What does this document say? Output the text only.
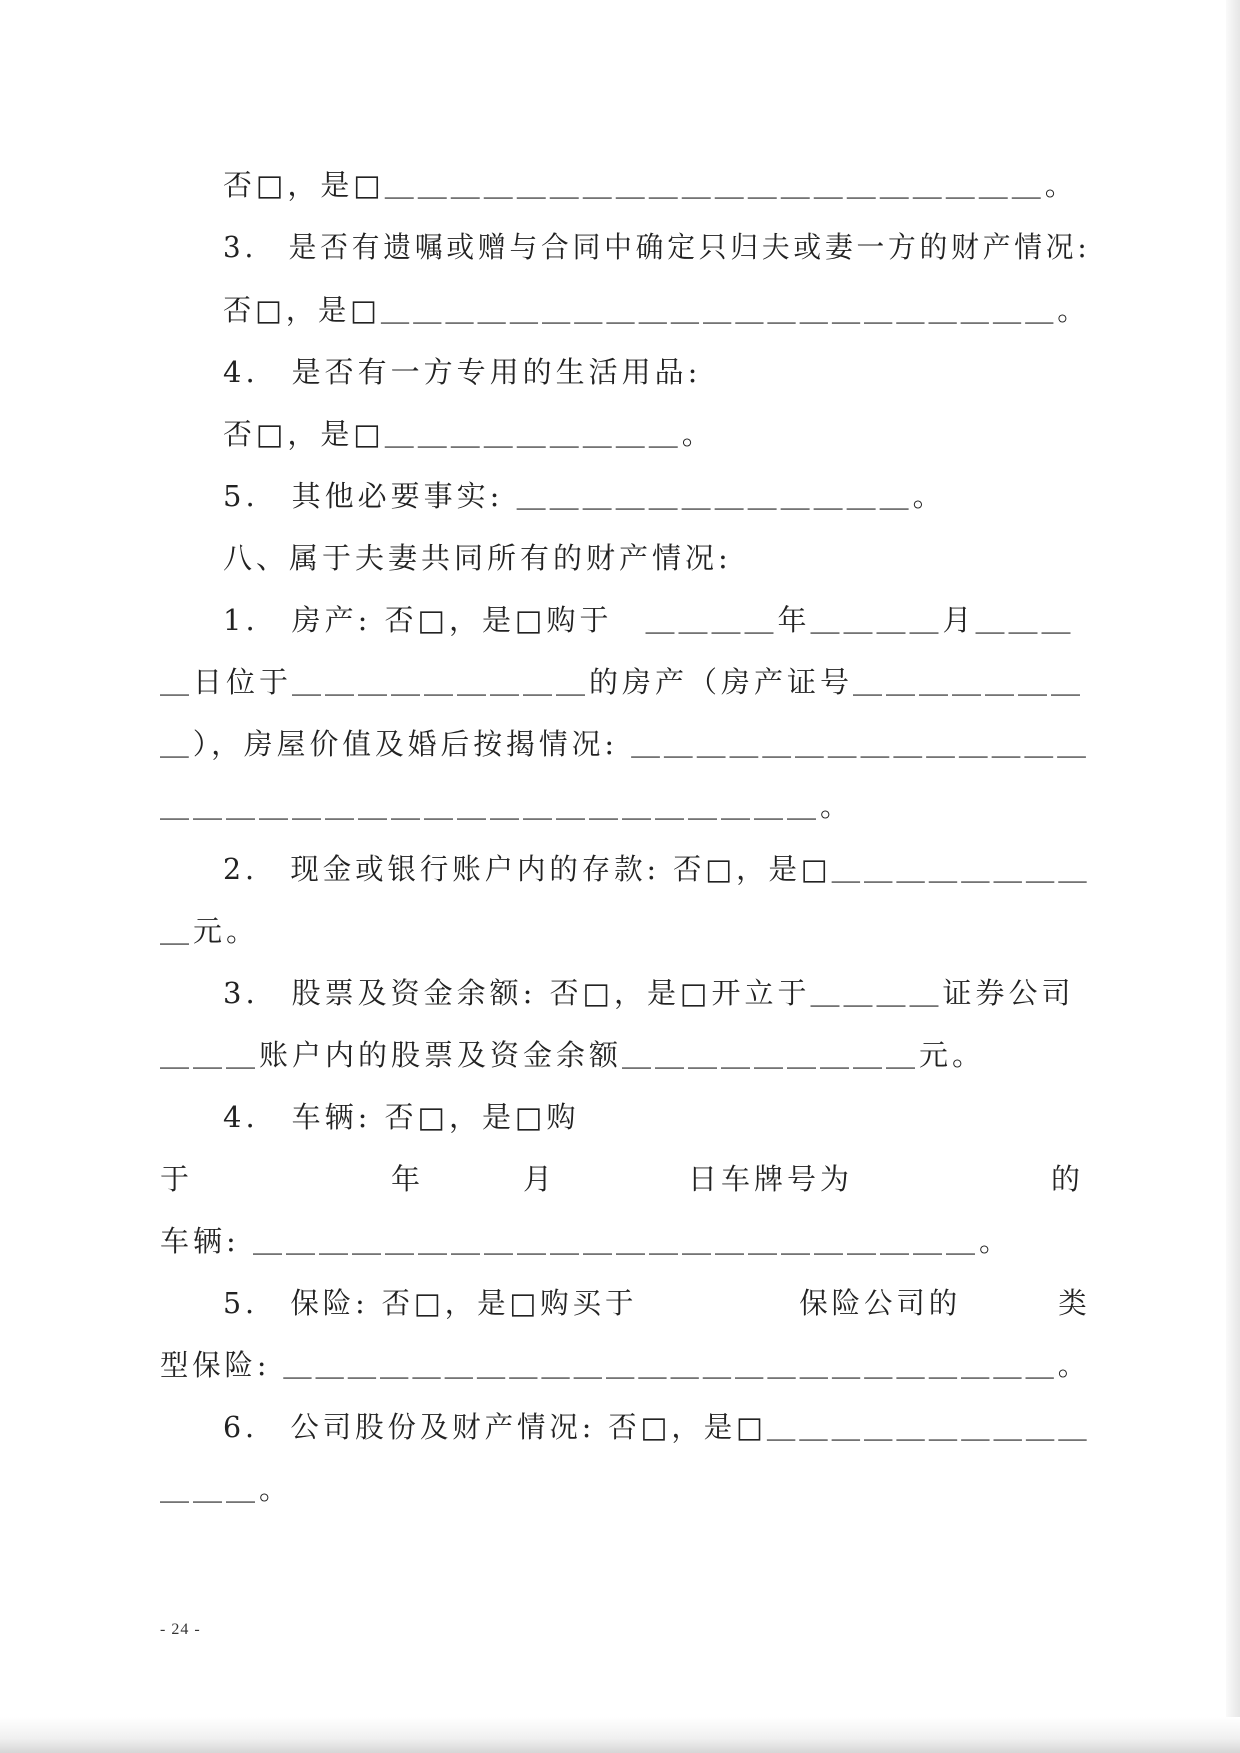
否□，是□＿＿＿＿＿＿＿＿＿＿＿＿＿＿＿＿＿＿＿＿。
3.　是否有遗嘱或赠与合同中确定只归夫或妻一方的财产情况:
否□，是□＿＿＿＿＿＿＿＿＿＿＿＿＿＿＿＿＿＿＿＿＿。
4.　是否有一方专用的生活用品:
否□，是□＿＿＿＿＿＿＿＿＿。
5.　其他必要事实: ＿＿＿＿＿＿＿＿＿＿＿＿。
八、属于夫妻共同所有的财产情况:
1.　房产: 否□，是□购于　＿＿＿＿年＿＿＿＿月＿＿＿
＿日位于＿＿＿＿＿＿＿＿＿的房产（房产证号＿＿＿＿＿＿＿
＿），房屋价值及婚后按揭情况: ＿＿＿＿＿＿＿＿＿＿＿＿＿＿
＿＿＿＿＿＿＿＿＿＿＿＿＿＿＿＿＿＿＿＿。
2.　现金或银行账户内的存款: 否□，是□＿＿＿＿＿＿＿＿
＿元。
3.　股票及资金余额: 否□，是□开立于＿＿＿＿证券公司
＿＿＿账户内的股票及资金余额＿＿＿＿＿＿＿＿＿元。
4.　车辆: 否□，是□购
于　　　　　　年　　　月　　　　日车牌号为　　　　　　的
车辆: ＿＿＿＿＿＿＿＿＿＿＿＿＿＿＿＿＿＿＿＿＿＿。
5.　保险: 否□，是□购买于　　　　　保险公司的　　　类
型保险: ＿＿＿＿＿＿＿＿＿＿＿＿＿＿＿＿＿＿＿＿＿＿＿＿。
6.　公司股份及财产情况: 否□，是□＿＿＿＿＿＿＿＿＿＿
＿＿＿。
- 24 -
